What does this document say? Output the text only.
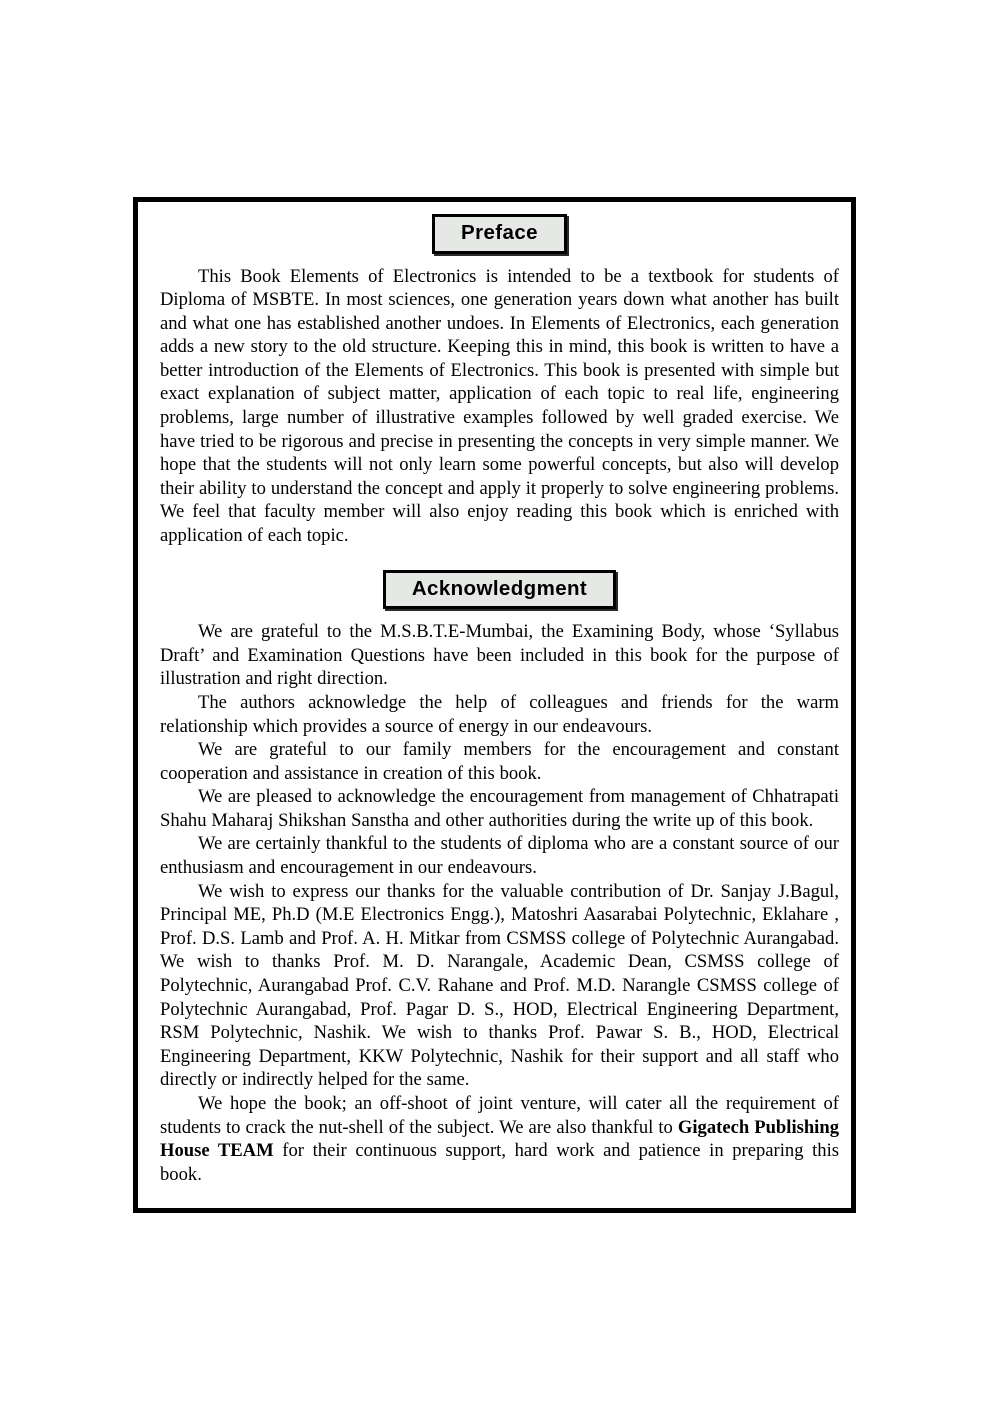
Preface

This Book Elements of Electronics is intended to be a textbook for students of Diploma of MSBTE. In most sciences, one generation years down what another has built and what one has established another undoes. In Elements of Electronics, each generation adds a new story to the old structure. Keeping this in mind, this book is written to have a better introduction of the Elements of Electronics. This book is presented with simple but exact explanation of subject matter, application of each topic to real life, engineering problems, large number of illustrative examples followed by well graded exercise. We have tried to be rigorous and precise in presenting the concepts in very simple manner. We hope that the students will not only learn some powerful concepts, but also will develop their ability to understand the concept and apply it properly to solve engineering problems. We feel that faculty member will also enjoy reading this book which is enriched with application of each topic.

Acknowledgment

We are grateful to the M.S.B.T.E-Mumbai, the Examining Body, whose ‘Syllabus Draft’ and Examination Questions have been included in this book for the purpose of illustration and right direction.

The authors acknowledge the help of colleagues and friends for the warm relationship which provides a source of energy in our endeavours.

We are grateful to our family members for the encouragement and constant cooperation and assistance in creation of this book.

We are pleased to acknowledge the encouragement from management of Chhatrapati Shahu Maharaj Shikshan Sanstha and other authorities during the write up of this book.

We are certainly thankful to the students of diploma who are a constant source of our enthusiasm and encouragement in our endeavours.

We wish to express our thanks for the valuable contribution of Dr. Sanjay J.Bagul, Principal ME, Ph.D (M.E Electronics Engg.), Matoshri Aasarabai Polytechnic, Eklahare , Prof. D.S. Lamb and Prof. A. H. Mitkar from CSMSS college of Polytechnic Aurangabad. We wish to thanks Prof. M. D. Narangale, Academic Dean, CSMSS college of Polytechnic, Aurangabad Prof. C.V. Rahane and Prof. M.D. Narangle CSMSS college of Polytechnic Aurangabad, Prof. Pagar D. S., HOD, Electrical Engineering Department, RSM Polytechnic, Nashik. We wish to thanks Prof. Pawar S. B., HOD, Electrical Engineering Department, KKW Polytechnic, Nashik for their support and all staff who directly or indirectly helped for the same.

We hope the book; an off-shoot of joint venture, will cater all the requirement of students to crack the nut-shell of the subject. We are also thankful to Gigatech Publishing House TEAM for their continuous support, hard work and patience in preparing this book.
